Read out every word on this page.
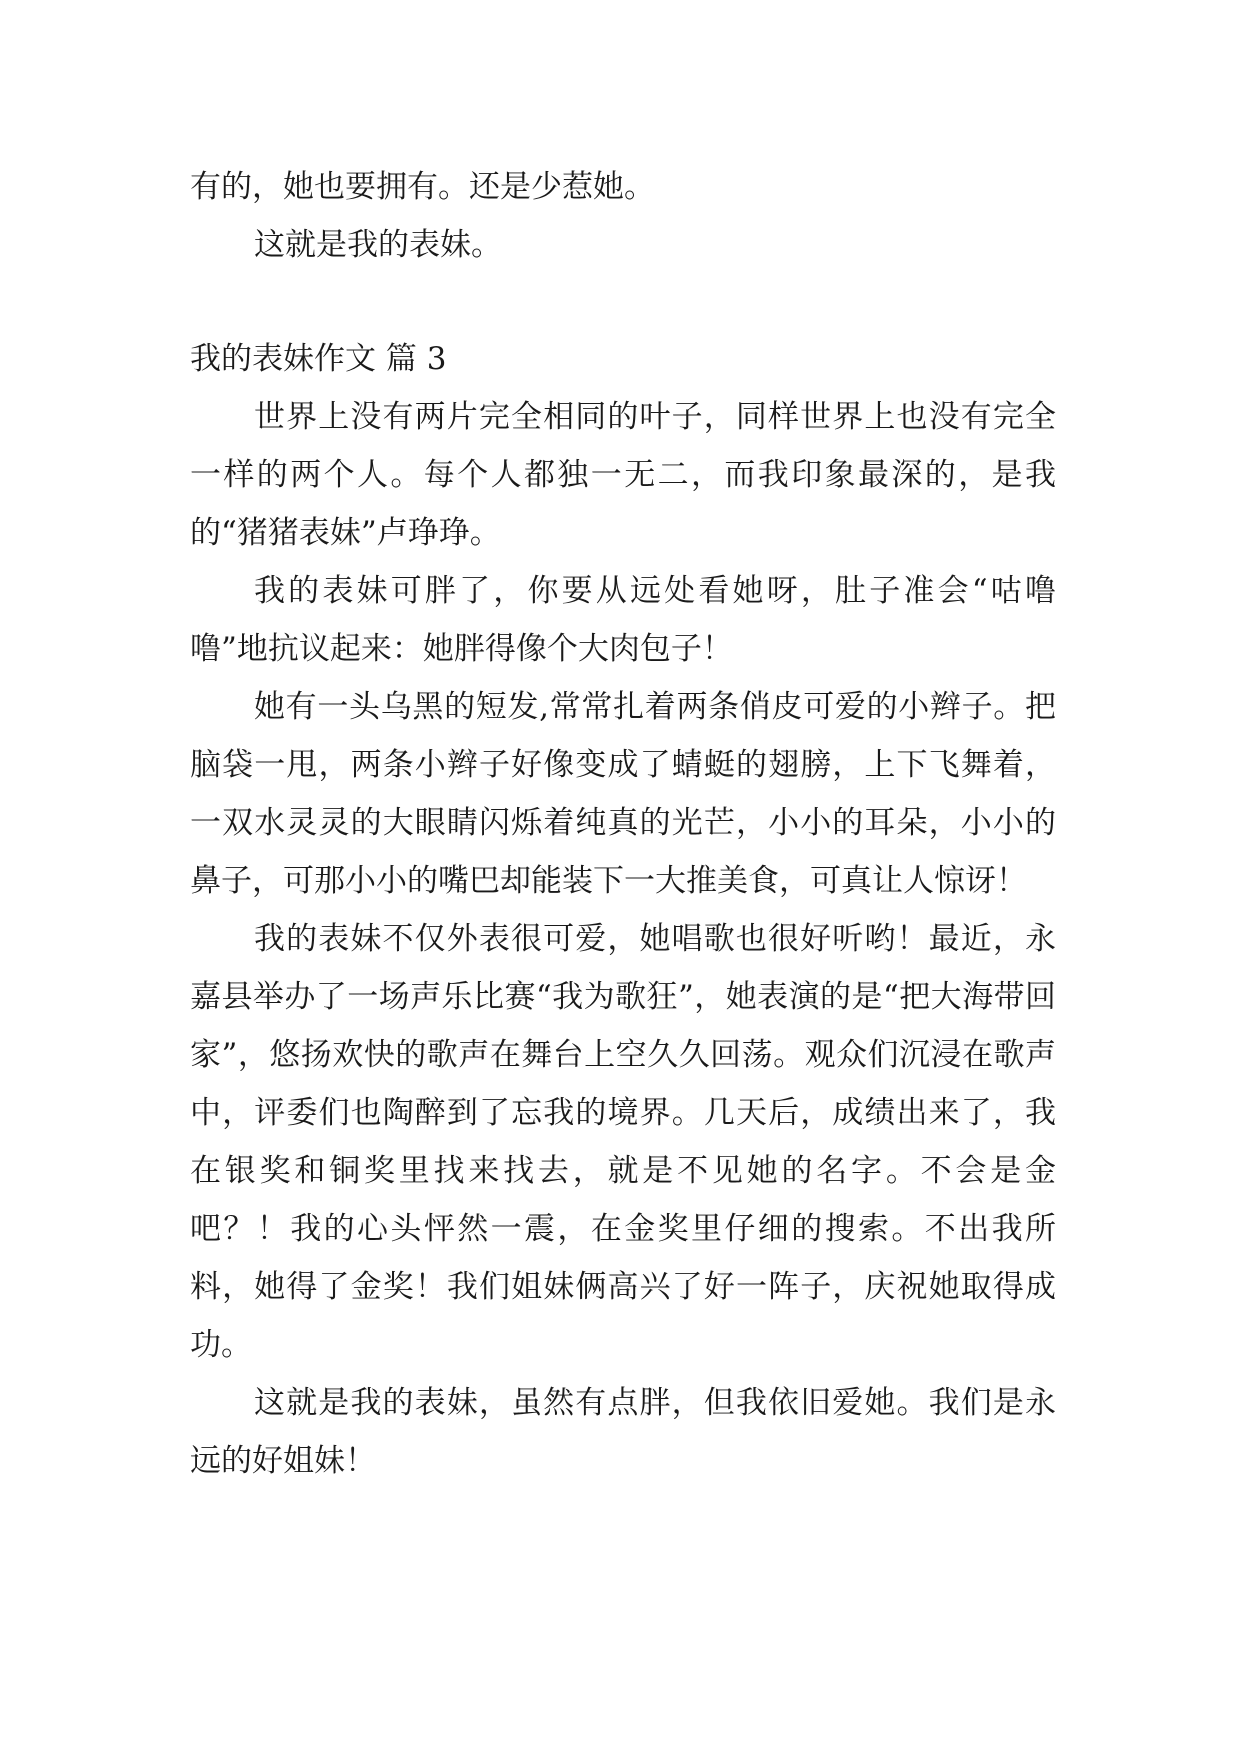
有的，她也要拥有。还是少惹她。

这就是我的表妹。

我的表妹作文 篇 3

世界上没有两片完全相同的叶子，同样世界上也没有完全一样的两个人。每个人都独一无二，而我印象最深的，是我的“猪猪表妹”卢琤琤。

我的表妹可胖了，你要从远处看她呀，肚子准会“咕噜噜”地抗议起来：她胖得像个大肉包子！

她有一头乌黑的短发,常常扎着两条俏皮可爱的小辫子。把脑袋一甩，两条小辫子好像变成了蜻蜓的翅膀，上下飞舞着，一双水灵灵的大眼睛闪烁着纯真的光芒，小小的耳朵，小小的鼻子，可那小小的嘴巴却能装下一大推美食，可真让人惊讶！

我的表妹不仅外表很可爱，她唱歌也很好听哟！最近，永嘉县举办了一场声乐比赛“我为歌狂”，她表演的是“把大海带回家”，悠扬欢快的歌声在舞台上空久久回荡。观众们沉浸在歌声中，评委们也陶醉到了忘我的境界。几天后，成绩出来了，我在银奖和铜奖里找来找去，就是不见她的名字。不会是金吧？！我的心头怦然一震，在金奖里仔细的搜索。不出我所料，她得了金奖！我们姐妹俩高兴了好一阵子，庆祝她取得成功。

这就是我的表妹，虽然有点胖，但我依旧爱她。我们是永远的好姐妹！
